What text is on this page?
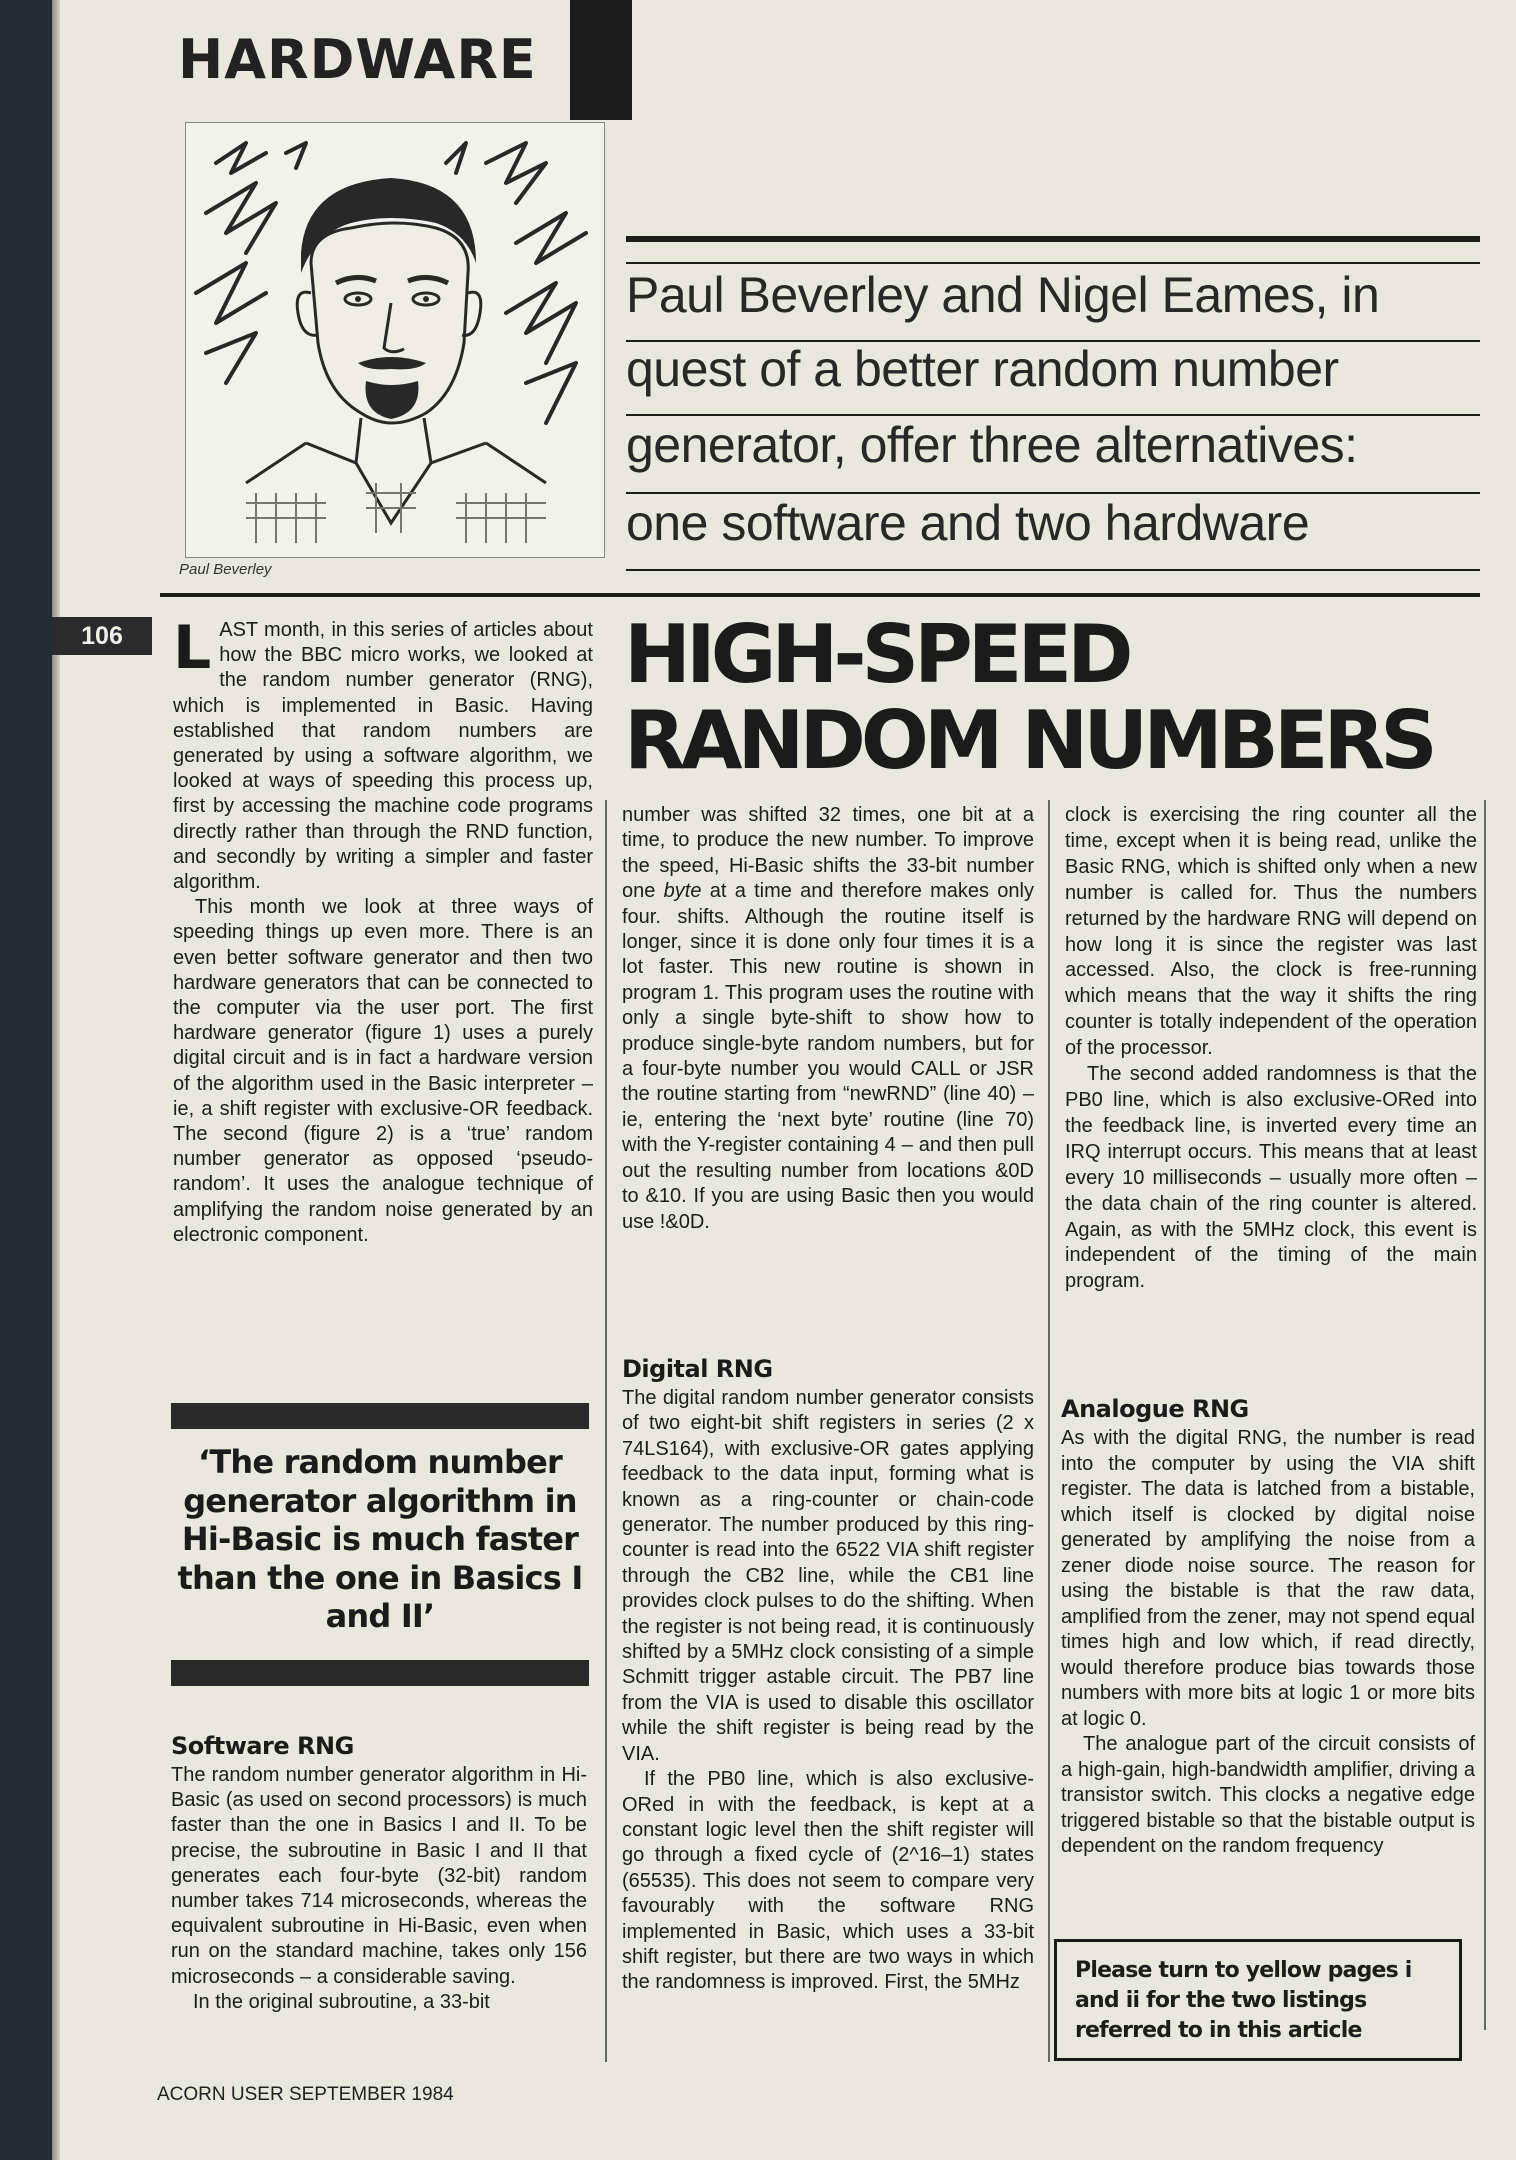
HARDWARE
Paul Beverley
Paul Beverley and Nigel Eames, in
quest of a better random number
generator, offer three alternatives:
one software and two hardware
106	HIGH-SPEED
RANDOM NUMBERS

LAST month, in this series of articles about how the BBC micro works, we looked at the random number generator (RNG), which is implemented in Basic. Having established that random numbers are generated by using a software algorithm, we looked at ways of speeding this process up, first by accessing the machine code programs directly rather than through the RND function, and secondly by writing a simpler and faster algorithm.

This month we look at three ways of speeding things up even more. There is an even better software generator and then two hardware generators that can be connected to the computer via the user port. The first hardware generator (figure 1) uses a purely digital circuit and is in fact a hardware version of the algorithm used in the Basic interpreter – ie, a shift register with exclusive-OR feedback. The second (figure 2) is a ‘true’ random number generator as opposed ‘pseudo-random’. It uses the analogue technique of amplifying the random noise generated by an electronic component.

‘The random number generator algorithm in Hi-Basic is much faster than the one in Basics I and II’
Software RNG

The random number generator algorithm in Hi-Basic (as used on second processors) is much faster than the one in Basics I and II. To be precise, the subroutine in Basic I and II that generates each four-byte (32-bit) random number takes 714 microseconds, whereas the equivalent subroutine in Hi-Basic, even when run on the standard machine, takes only 156 microseconds – a considerable saving.

In the original subroutine, a 33-bit

number was shifted 32 times, one bit at a time, to produce the new number. To improve the speed, Hi-Basic shifts the 33-bit number one byte at a time and therefore makes only four. shifts. Although the routine itself is longer, since it is done only four times it is a lot faster. This new routine is shown in program 1. This program uses the routine with only a single byte-shift to show how to produce single-byte random numbers, but for a four-byte number you would CALL or JSR the routine starting from “newRND” (line 40) – ie, entering the ‘next byte’ routine (line 70) with the Y-register containing 4 – and then pull out the resulting number from locations &0D to &10. If you are using Basic then you would use !&0D.

Digital RNG

The digital random number generator consists of two eight-bit shift registers in series (2 x 74LS164), with exclusive-OR gates applying feedback to the data input, forming what is known as a ring-counter or chain-code generator. The number produced by this ring-counter is read into the 6522 VIA shift register through the CB2 line, while the CB1 line provides clock pulses to do the shifting. When the register is not being read, it is continuously shifted by a 5MHz clock consisting of a simple Schmitt trigger astable circuit. The PB7 line from the VIA is used to disable this oscillator while the shift register is being read by the VIA.

If the PB0 line, which is also exclusive-ORed in with the feedback, is kept at a constant logic level then the shift register will go through a fixed cycle of (2^16–1) states (65535). This does not seem to compare very favourably with the software RNG implemented in Basic, which uses a 33-bit shift register, but there are two ways in which the randomness is improved. First, the 5MHz

clock is exercising the ring counter all the time, except when it is being read, unlike the Basic RNG, which is shifted only when a new number is called for. Thus the numbers returned by the hardware RNG will depend on how long it is since the register was last accessed. Also, the clock is free-running which means that the way it shifts the ring counter is totally independent of the operation of the processor.

The second added randomness is that the PB0 line, which is also exclusive-ORed into the feedback line, is inverted every time an IRQ interrupt occurs. This means that at least every 10 milliseconds – usually more often – the data chain of the ring counter is altered. Again, as with the 5MHz clock, this event is independent of the timing of the main program.

Analogue RNG

As with the digital RNG, the number is read into the computer by using the VIA shift register. The data is latched from a bistable, which itself is clocked by digital noise generated by amplifying the noise from a zener diode noise source. The reason for using the bistable is that the raw data, amplified from the zener, may not spend equal times high and low which, if read directly, would therefore produce bias towards those numbers with more bits at logic 1 or more bits at logic 0.

The analogue part of the circuit consists of a high-gain, high-bandwidth amplifier, driving a transistor switch. This clocks a negative edge triggered bistable so that the bistable output is dependent on the random frequency

Please turn to yellow pages i and ii for the two listings referred to in this article
ACORN USER SEPTEMBER 1984
